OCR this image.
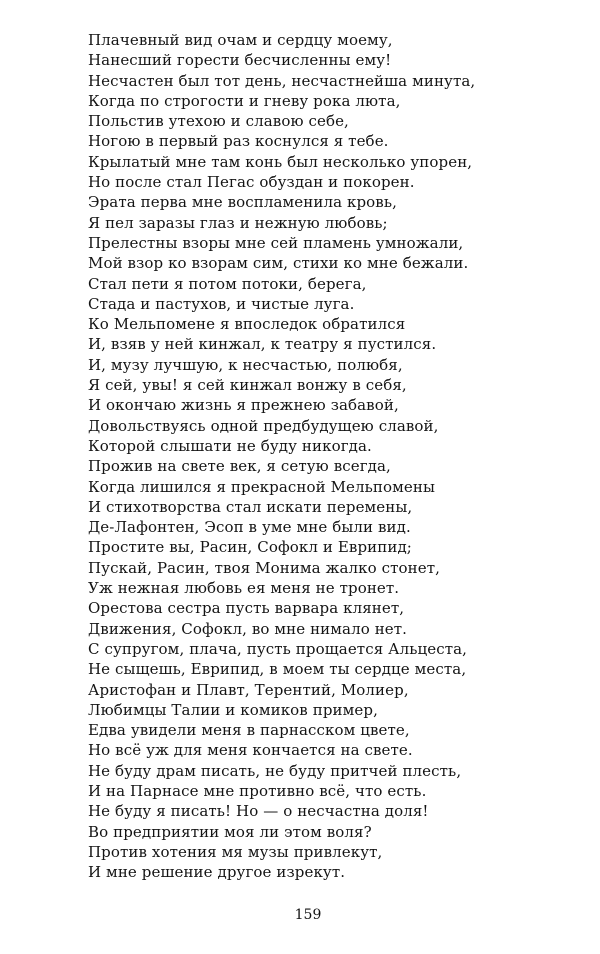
Плачевный вид очам и сердцу моему,
Нанесший горести бесчисленны ему!
Несчастен был тот день, несчастнейша минута,
Когда по строгости и гневу рока люта,
Польстив утехою и славою себе,
Ногою в первый раз коснулся я тебе.
Крылатый мне там конь был несколько упорен,
Но после стал Пегас обуздан и покорен.
Эрата перва мне воспламенила кровь,
Я пел заразы глаз и нежную любовь;
Прелестны взоры мне сей пламень умножали,
Мой взор ко взорам сим, стихи ко мне бежали.
Стал пети я потом потоки, берега,
Стада и пастухов, и чистые луга.
Ко Мельпомене я впоследок обратился
И, взяв у ней кинжал, к театру я пустился.
И, музу лучшую, к несчастью, полюбя,
Я сей, увы! я сей кинжал вонжу в себя,
И окончаю жизнь я прежнею забавой,
Довольствуясь одной предбудущею славой,
Которой слышати не буду никогда.
Прожив на свете век, я сетую всегда,
Когда лишился я прекрасной Мельпомены
И стихотворства стал искати перемены,
Де-Лафонтен, Эсоп в уме мне были вид.
Простите вы, Расин, Софокл и Еврипид;
Пускай, Расин, твоя Монима жалко стонет,
Уж нежная любовь ея меня не тронет.
Орестова сестра пусть варвара клянет,
Движения, Софокл, во мне нимало нет.
С супругом, плача, пусть прощается Альцеста,
Не сыщешь, Еврипид, в моем ты сердце места,
Аристофан и Плавт, Терентий, Молиер,
Любимцы Талии и комиков пример,
Едва увидели меня в парнасском цвете,
Но всё уж для меня кончается на свете.
Не буду драм писать, не буду притчей плесть,
И на Парнасе мне противно всё, что есть.
Не буду я писать! Но — о несчастна доля!
Во предприятии моя ли этом воля?
Против хотения мя музы привлекут,
И мне решение другое изрекут.
159
